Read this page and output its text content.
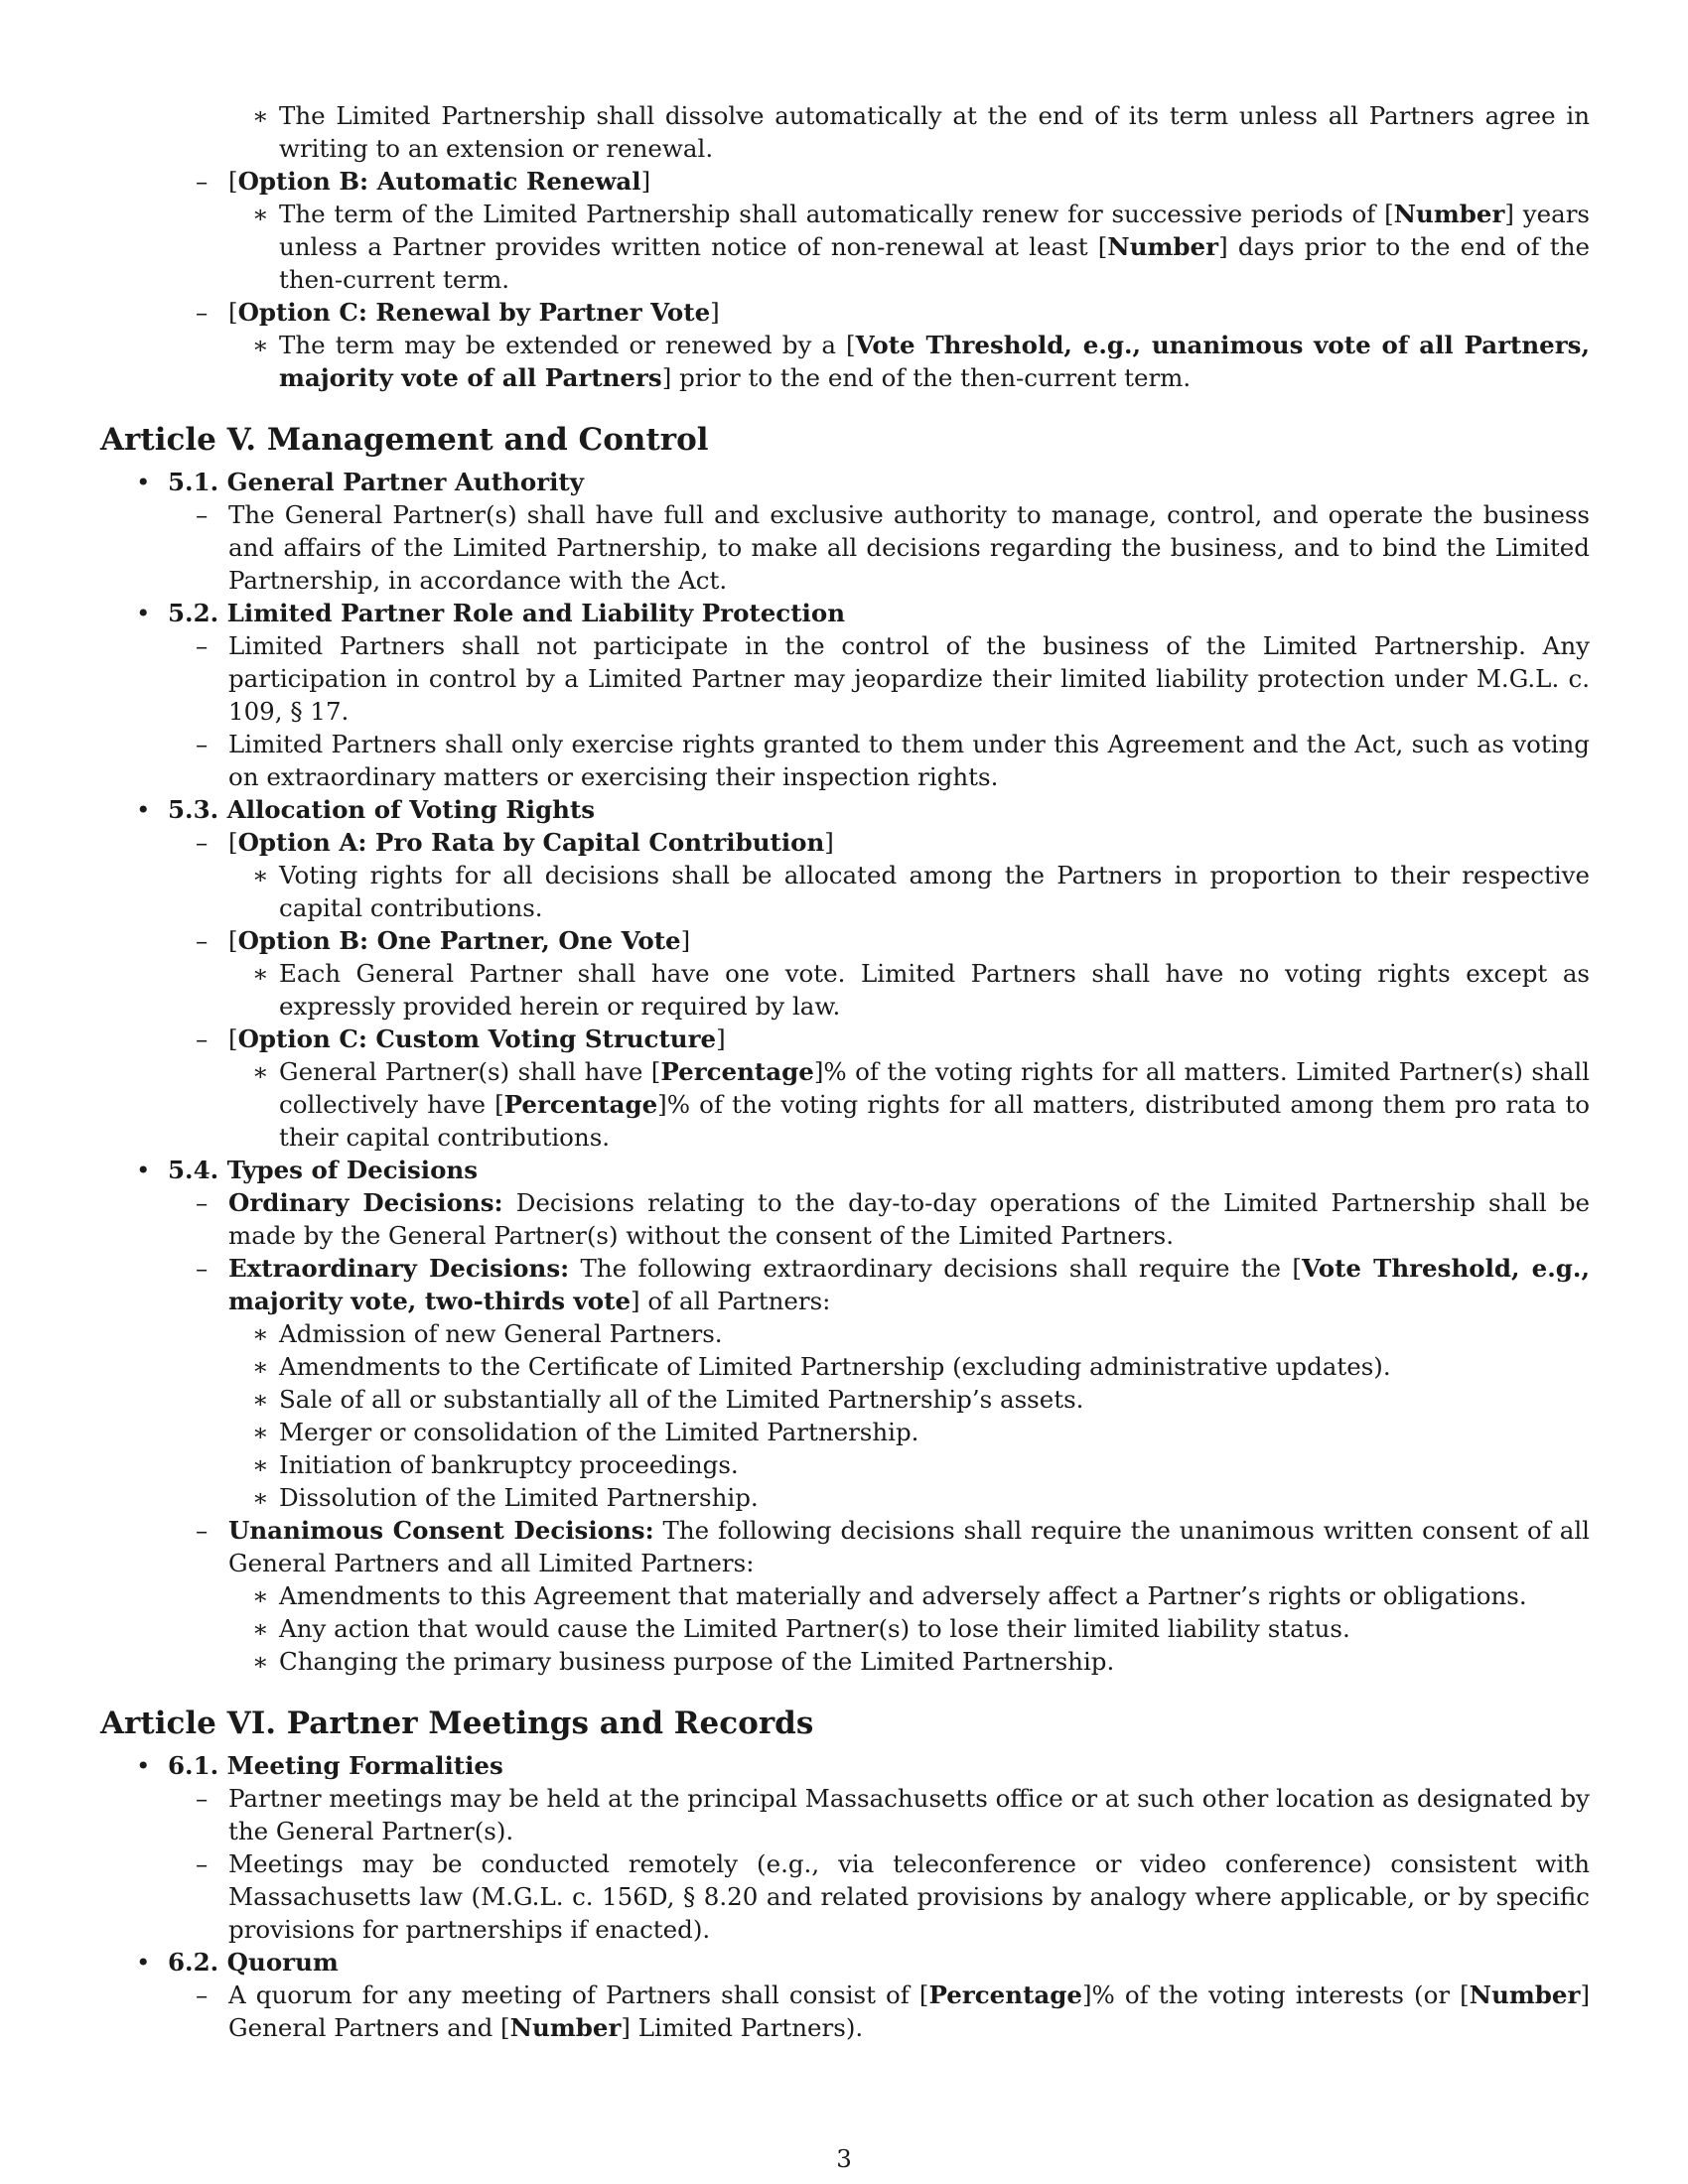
∗ The Limited Partnership shall dissolve automatically at the end of its term unless all Partners agree in writing to an extension or renewal.
– [Option B: Automatic Renewal]
∗ The term of the Limited Partnership shall automatically renew for successive periods of [Number] years unless a Partner provides written notice of non-renewal at least [Number] days prior to the end of the then-current term.
– [Option C: Renewal by Partner Vote]
∗ The term may be extended or renewed by a [Vote Threshold, e.g., unanimous vote of all Partners, majority vote of all Partners] prior to the end of the then-current term.
Article V. Management and Control
• 5.1. General Partner Authority
– The General Partner(s) shall have full and exclusive authority to manage, control, and operate the business and affairs of the Limited Partnership, to make all decisions regarding the business, and to bind the Limited Partnership, in accordance with the Act.
• 5.2. Limited Partner Role and Liability Protection
– Limited Partners shall not participate in the control of the business of the Limited Partnership. Any participation in control by a Limited Partner may jeopardize their limited liability protection under M.G.L. c. 109, § 17.
– Limited Partners shall only exercise rights granted to them under this Agreement and the Act, such as voting on extraordinary matters or exercising their inspection rights.
• 5.3. Allocation of Voting Rights
– [Option A: Pro Rata by Capital Contribution]
∗ Voting rights for all decisions shall be allocated among the Partners in proportion to their respective capital contributions.
– [Option B: One Partner, One Vote]
∗ Each General Partner shall have one vote. Limited Partners shall have no voting rights except as expressly provided herein or required by law.
– [Option C: Custom Voting Structure]
∗ General Partner(s) shall have [Percentage]% of the voting rights for all matters. Limited Partner(s) shall collectively have [Percentage]% of the voting rights for all matters, distributed among them pro rata to their capital contributions.
• 5.4. Types of Decisions
– Ordinary Decisions: Decisions relating to the day-to-day operations of the Limited Partnership shall be made by the General Partner(s) without the consent of the Limited Partners.
– Extraordinary Decisions: The following extraordinary decisions shall require the [Vote Threshold, e.g., majority vote, two-thirds vote] of all Partners:
∗ Admission of new General Partners.
∗ Amendments to the Certificate of Limited Partnership (excluding administrative updates).
∗ Sale of all or substantially all of the Limited Partnership’s assets.
∗ Merger or consolidation of the Limited Partnership.
∗ Initiation of bankruptcy proceedings.
∗ Dissolution of the Limited Partnership.
– Unanimous Consent Decisions: The following decisions shall require the unanimous written consent of all General Partners and all Limited Partners:
∗ Amendments to this Agreement that materially and adversely affect a Partner’s rights or obligations.
∗ Any action that would cause the Limited Partner(s) to lose their limited liability status.
∗ Changing the primary business purpose of the Limited Partnership.
Article VI. Partner Meetings and Records
• 6.1. Meeting Formalities
– Partner meetings may be held at the principal Massachusetts office or at such other location as designated by the General Partner(s).
– Meetings may be conducted remotely (e.g., via teleconference or video conference) consistent with Massachusetts law (M.G.L. c. 156D, § 8.20 and related provisions by analogy where applicable, or by specific provisions for partnerships if enacted).
• 6.2. Quorum
– A quorum for any meeting of Partners shall consist of [Percentage]% of the voting interests (or [Number] General Partners and [Number] Limited Partners).
3
